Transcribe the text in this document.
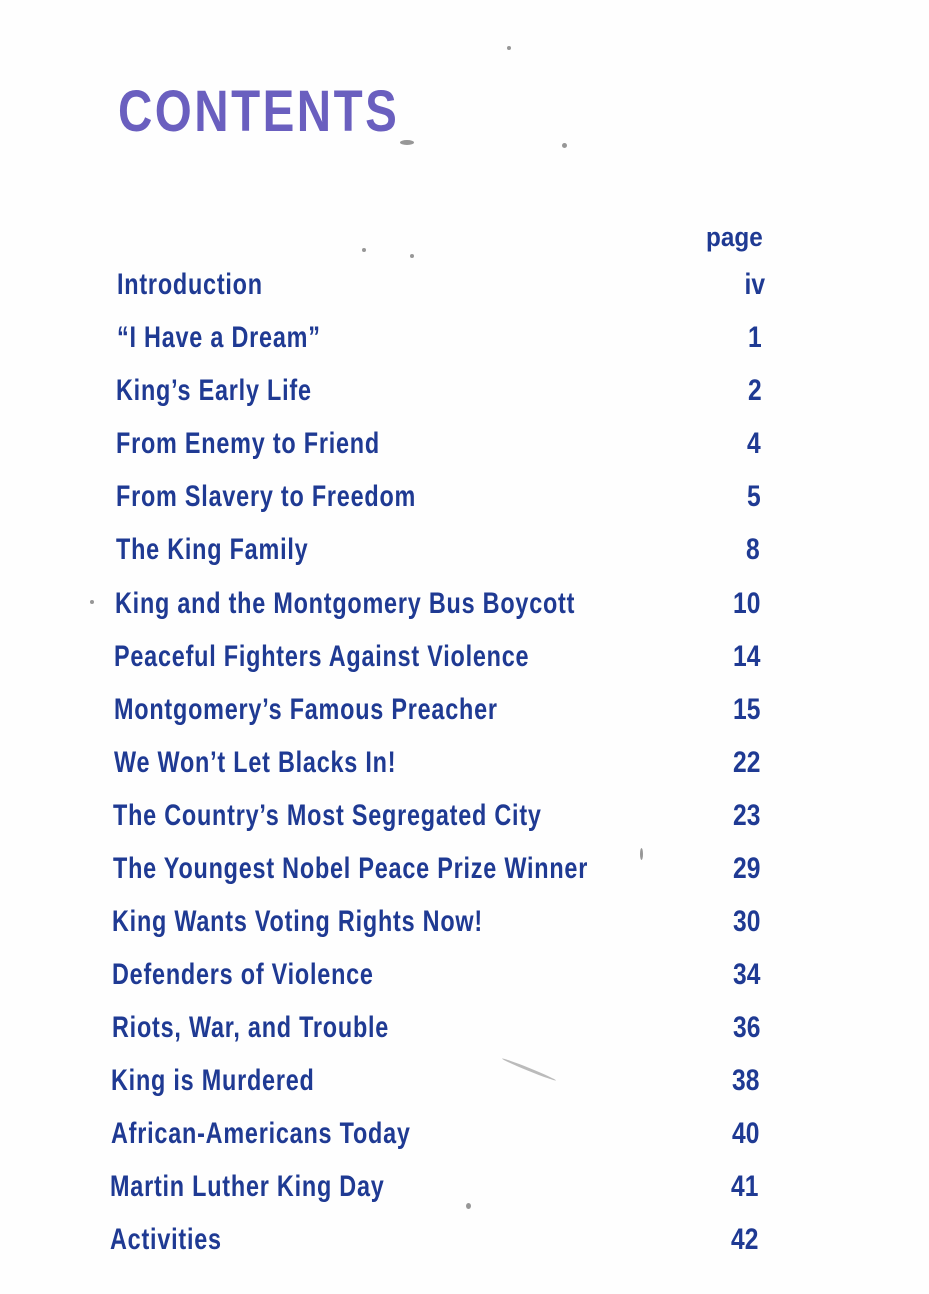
CONTENTS
page
Introduction	iv
“I Have a Dream”	1
King’s Early Life	2
From Enemy to Friend	4
From Slavery to Freedom	5
The King Family	8
King and the Montgomery Bus Boycott	10
Peaceful Fighters Against Violence	14
Montgomery’s Famous Preacher	15
We Won’t Let Blacks In!	22
The Country’s Most Segregated City	23
The Youngest Nobel Peace Prize Winner	29
King Wants Voting Rights Now!	30
Defenders of Violence	34
Riots, War, and Trouble	36
King is Murdered	38
African-Americans Today	40
Martin Luther King Day	41
Activities	42
